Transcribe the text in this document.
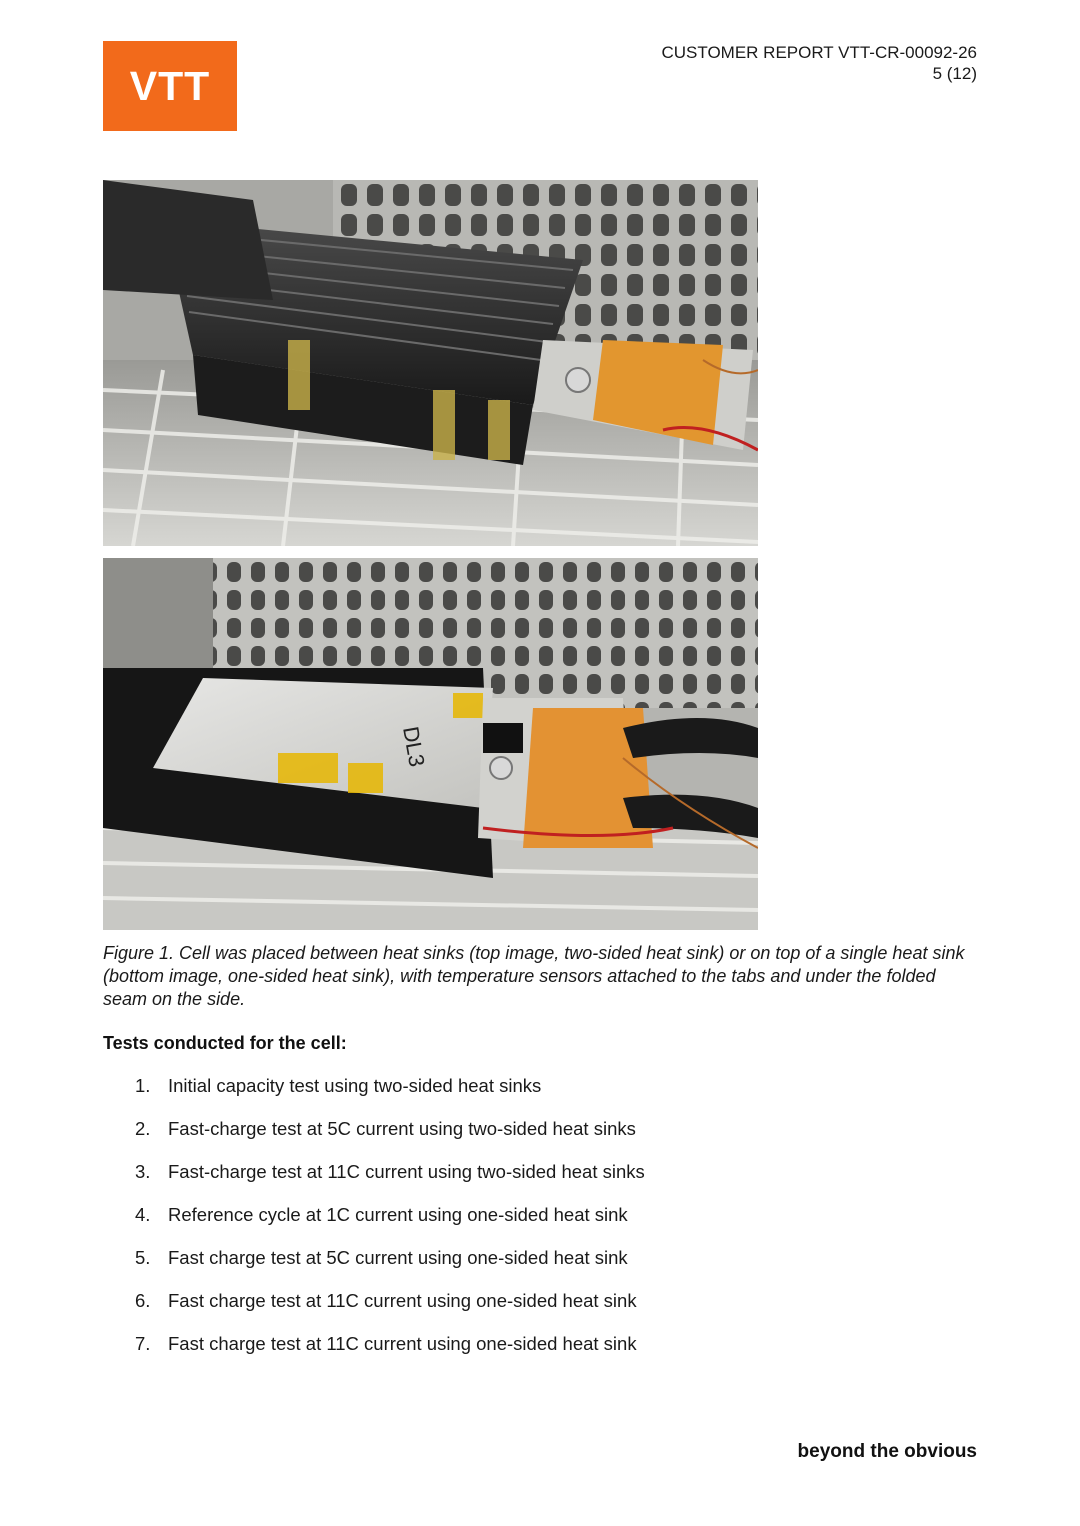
VTT
CUSTOMER REPORT VTT-CR-00092-26
5 (12)
DL3
Figure 1. Cell was placed between heat sinks (top image, two-sided heat sink) or on top of a single heat sink (bottom image, one-sided heat sink), with temperature sensors attached to the tabs and under the folded seam on the side.
Tests conducted for the cell:
1. Initial capacity test using two-sided heat sinks
2. Fast-charge test at 5C current using two-sided heat sinks
3. Fast-charge test at 11C current using two-sided heat sinks
4. Reference cycle at 1C current using one-sided heat sink
5. Fast charge test at 5C current using one-sided heat sink
6. Fast charge test at 11C current using one-sided heat sink
7. Fast charge test at 11C current using one-sided heat sink
beyond the obvious
